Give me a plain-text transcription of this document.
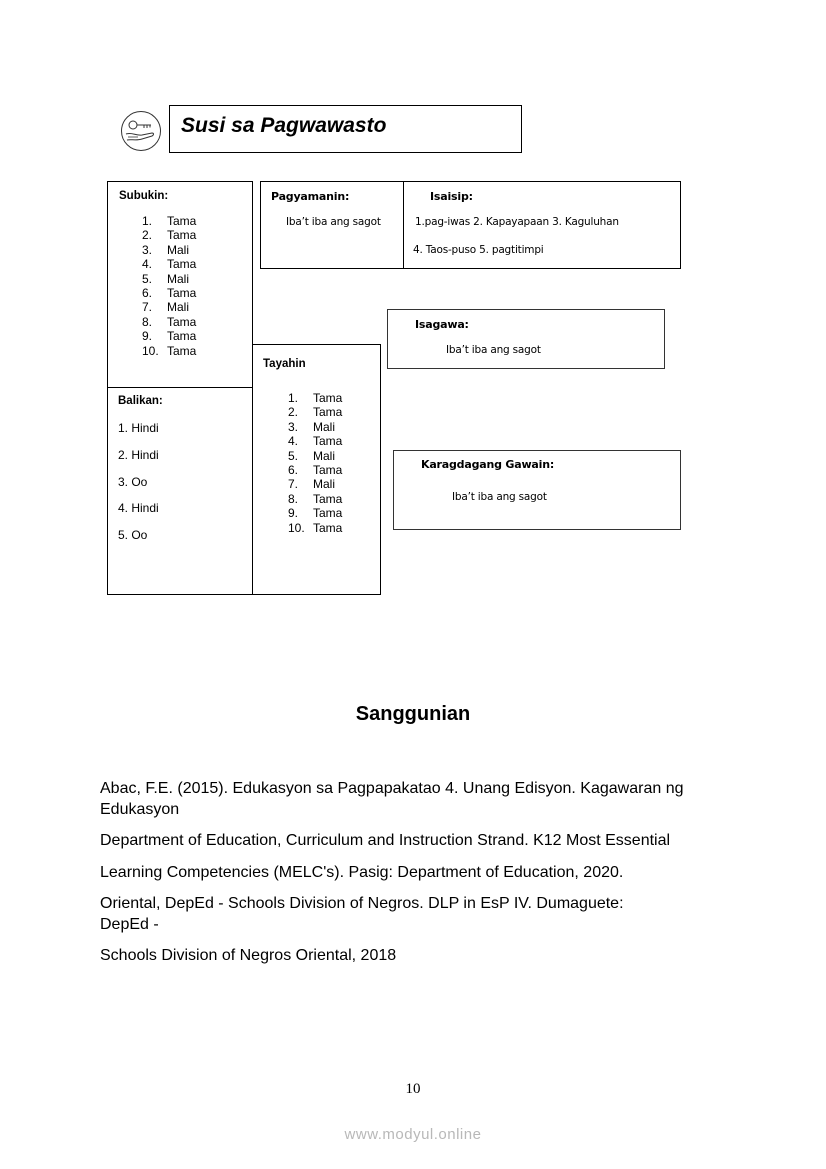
Susi sa Pagwawasto
Subukin:
1.	Tama
2.	Tama
3.	Mali
4.	Tama
5.	Mali
6.	Tama
7.	Mali
8.	Tama
9.	Tama
10. Tama
Balikan:
1. Hindi
2. Hindi
3. Oo
4. Hindi
5. Oo
Pagyamanin:
Iba’t iba ang sagot
Isaisip:
1.pag-iwas 2. Kapayapaan 3. Kaguluhan
4. Taos-puso 5. pagtitimpi
Tayahin
1.	Tama
2.	Tama
3.	Mali
4.	Tama
5.	Mali
6.	Tama
7.	Mali
8.	Tama
9.	Tama
10. Tama
Isagawa:
Iba’t iba ang sagot
Karagdagang Gawain:
Iba’t iba ang sagot
Sanggunian
Abac, F.E. (2015). Edukasyon sa Pagpapakatao 4. Unang Edisyon. Kagawaran ng Edukasyon
Department of Education, Curriculum and Instruction Strand. K12 Most Essential
Learning Competencies (MELC's). Pasig: Department of Education, 2020.
Oriental, DepEd - Schools Division of Negros. DLP in EsP IV. Dumaguete: DepEd -
Schools Division of Negros Oriental, 2018
10
www.modyul.online
